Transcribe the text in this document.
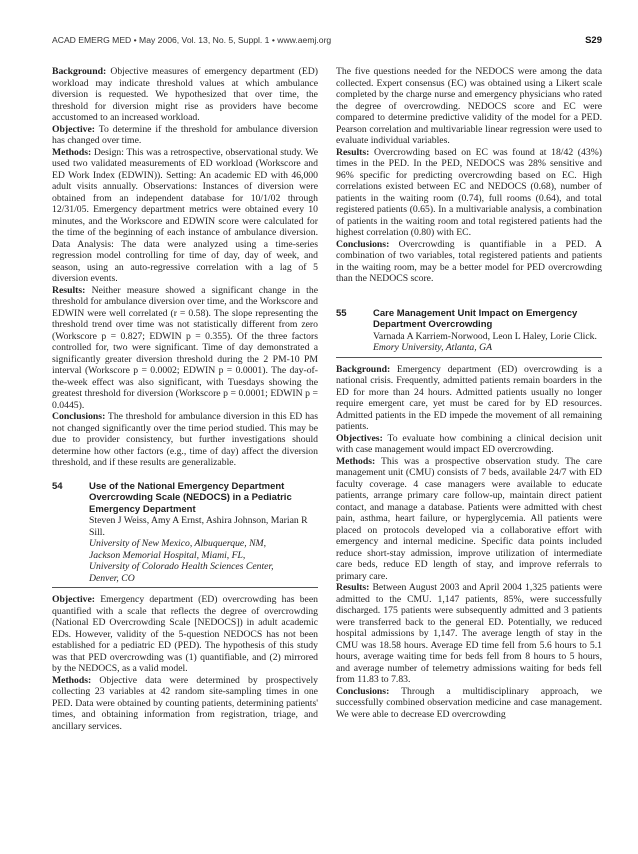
ACAD EMERG MED • May 2006, Vol. 13, No. 5, Suppl. 1 • www.aemj.org	S29

Background: Objective measures of emergency department (ED) workload may indicate threshold values at which ambulance diversion is requested. We hypothesized that over time, the threshold for diversion might rise as providers have become accustomed to an increased workload.

Objective: To determine if the threshold for ambulance diversion has changed over time.

Methods: Design: This was a retrospective, observational study. We used two validated measurements of ED workload (Workscore and ED Work Index (EDWIN)). Setting: An academic ED with 46,000 adult visits annually. Observations: Instances of diversion were obtained from an independent database for 10/1/02 through 12/31/05. Emergency department metrics were obtained every 10 minutes, and the Workscore and EDWIN score were calculated for the time of the beginning of each instance of ambulance diversion. Data Analysis: The data were analyzed using a time-series regression model controlling for time of day, day of week, and season, using an auto-regressive correlation with a lag of 5 diversion events.

Results: Neither measure showed a significant change in the threshold for ambulance diversion over time, and the Workscore and EDWIN were well correlated (r = 0.58). The slope representing the threshold trend over time was not statistically different from zero (Workscore p = 0.827; EDWIN p = 0.355). Of the three factors controlled for, two were significant. Time of day demonstrated a significantly greater diversion threshold during the 2 PM-10 PM interval (Workscore p = 0.0002; EDWIN p = 0.0001). The day-of-the-week effect was also significant, with Tuesdays showing the greatest threshold for diversion (Workscore p = 0.0001; EDWIN p = 0.0445).

Conclusions: The threshold for ambulance diversion in this ED has not changed significantly over the time period studied. This may be due to provider consistency, but further investigations should determine how other factors (e.g., time of day) affect the diversion threshold, and if these results are generalizable.

54	Use of the National Emergency Department Overcrowding Scale (NEDOCS) in a Pediatric Emergency Department
Steven J Weiss, Amy A Ernst, Ashira Johnson, Marian R Sill.
University of New Mexico, Albuquerque, NM,
Jackson Memorial Hospital, Miami, FL,
University of Colorado Health Sciences Center,
Denver, CO

Objective: Emergency department (ED) overcrowding has been quantified with a scale that reflects the degree of overcrowding (National ED Overcrowding Scale [NEDOCS]) in adult academic EDs. However, validity of the 5-question NEDOCS has not been established for a pediatric ED (PED). The hypothesis of this study was that PED overcrowding was (1) quantifiable, and (2) mirrored by the NEDOCS, as a valid model.

Methods: Objective data were determined by prospectively collecting 23 variables at 42 random site-sampling times in one PED. Data were obtained by counting patients, determining patients' times, and obtaining information from registration, triage, and ancillary services.

The five questions needed for the NEDOCS were among the data collected. Expert consensus (EC) was obtained using a Likert scale completed by the charge nurse and emergency physicians who rated the degree of overcrowding. NEDOCS score and EC were compared to determine predictive validity of the model for a PED. Pearson correlation and multivariable linear regression were used to evaluate individual variables.

Results: Overcrowding based on EC was found at 18/42 (43%) times in the PED. In the PED, NEDOCS was 28% sensitive and 96% specific for predicting overcrowding based on EC. High correlations existed between EC and NEDOCS (0.68), number of patients in the waiting room (0.74), full rooms (0.64), and total registered patients (0.65). In a multivariable analysis, a combination of patients in the waiting room and total registered patients had the highest correlation (0.80) with EC.

Conclusions: Overcrowding is quantifiable in a PED. A combination of two variables, total registered patients and patients in the waiting room, may be a better model for PED overcrowding than the NEDOCS score.

55	Care Management Unit Impact on Emergency Department Overcrowding
Varnada A Karriem-Norwood, Leon L Haley, Lorie Click.
Emory University, Atlanta, GA

Background: Emergency department (ED) overcrowding is a national crisis. Frequently, admitted patients remain boarders in the ED for more than 24 hours. Admitted patients usually no longer require emergent care, yet must be cared for by ED resources. Admitted patients in the ED impede the movement of all remaining patients.

Objectives: To evaluate how combining a clinical decision unit with case management would impact ED overcrowding.

Methods: This was a prospective observation study. The care management unit (CMU) consists of 7 beds, available 24/7 with ED faculty coverage. 4 case managers were available to educate patients, arrange primary care follow-up, maintain direct patient contact, and manage a database. Patients were admitted with chest pain, asthma, heart failure, or hyperglycemia. All patients were placed on protocols developed via a collaborative effort with emergency and internal medicine. Specific data points included reduce short-stay admission, improve utilization of intermediate care beds, reduce ED length of stay, and improve referrals to primary care.

Results: Between August 2003 and April 2004 1,325 patients were admitted to the CMU. 1,147 patients, 85%, were successfully discharged. 175 patients were subsequently admitted and 3 patients were transferred back to the general ED. Potentially, we reduced hospital admissions by 1,147. The average length of stay in the CMU was 18.58 hours. Average ED time fell from 5.6 hours to 5.1 hours, average waiting time for beds fell from 8 hours to 5 hours, and average number of telemetry admissions waiting for beds fell from 11.83 to 7.83.

Conclusions: Through a multidisciplinary approach, we successfully combined observation medicine and case management. We were able to decrease ED overcrowding
